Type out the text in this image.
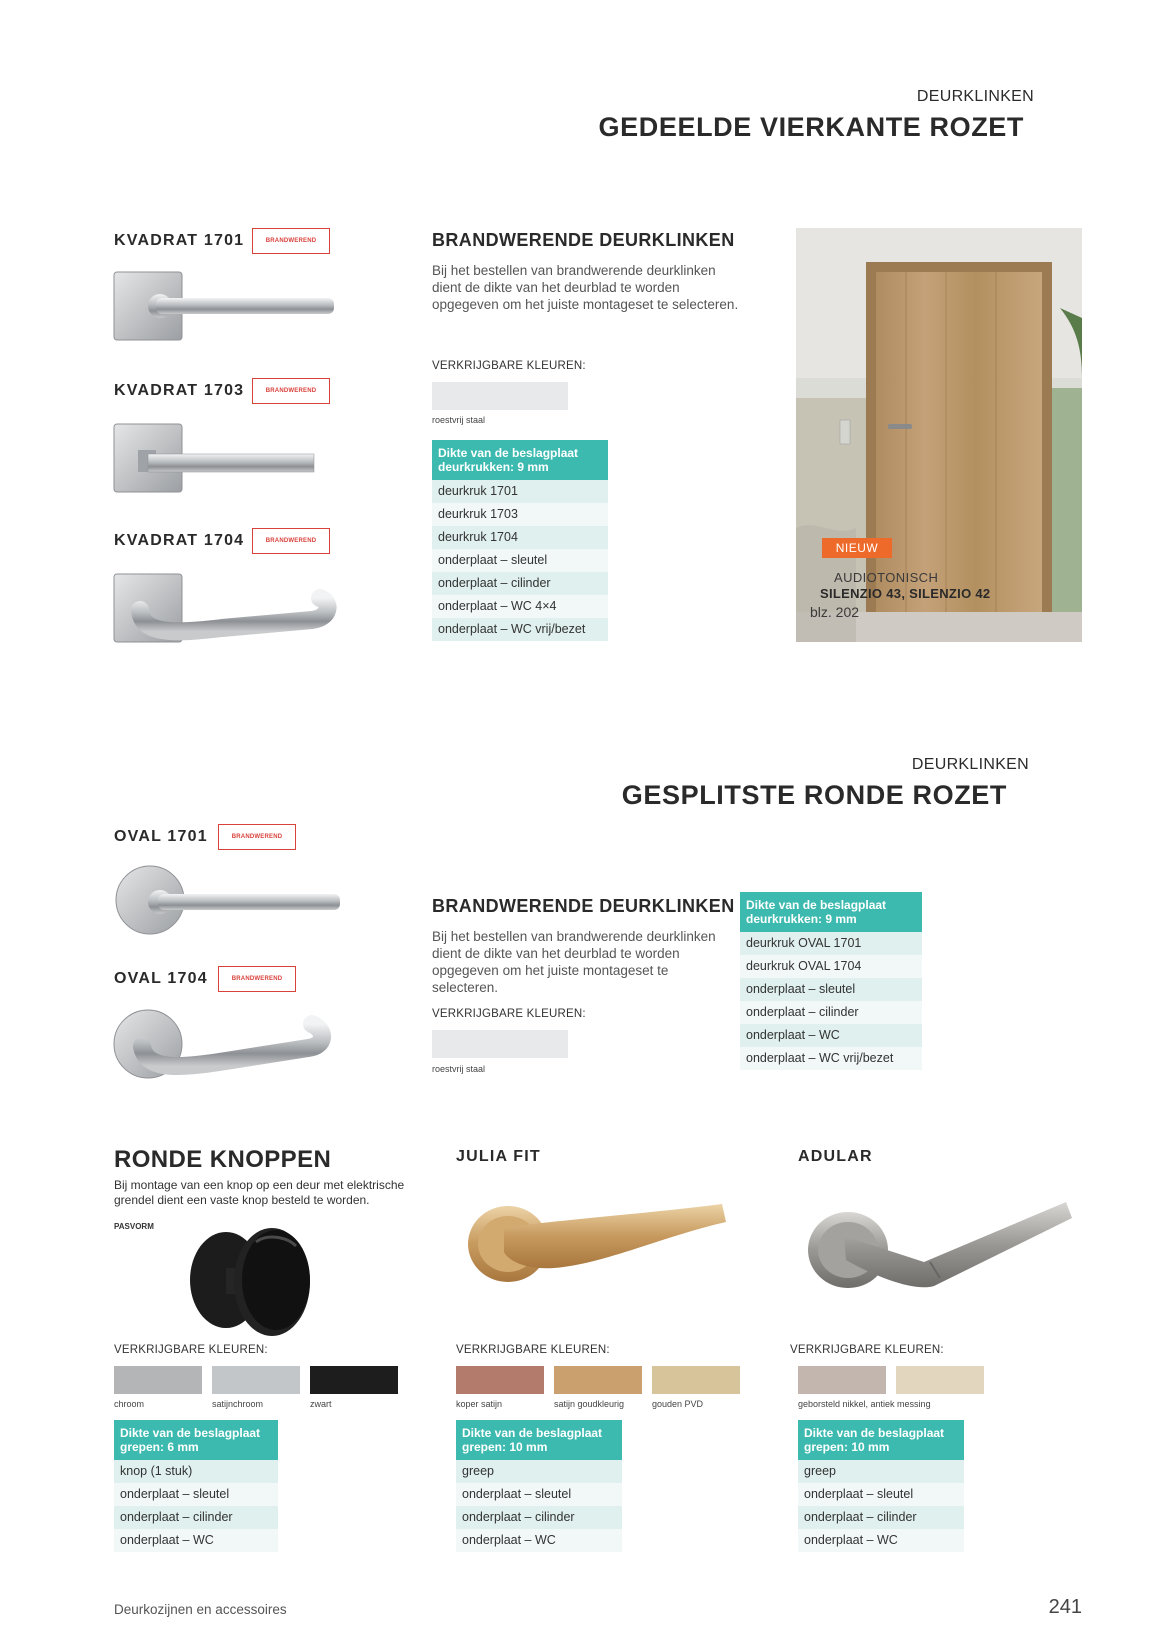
DEURKLINKEN
GEDEELDE VIERKANTE ROZET
KVADRAT 1701	BRANDWEREND
KVADRAT 1703	BRANDWEREND
KVADRAT 1704	BRANDWEREND
BRANDWERENDE DEURKLINKEN
Bij het bestellen van brandwerende deurklinken dient de dikte van het deurblad te worden opgegeven om het juiste montageset te selecteren.
VERKRIJGBARE KLEUREN:
roestvrij staal
Dikte van de beslagplaat deurkrukken: 9 mm
deurkruk 1701
deurkruk 1703
deurkruk 1704
onderplaat – sleutel
onderplaat – cilinder
onderplaat – WC 4×4
onderplaat – WC vrij/bezet
NIEUW
AUDIOTONISCH
SILENZIO 43, SILENZIO 42
blz. 202
DEURKLINKEN
GESPLITSTE RONDE ROZET
OVAL 1701	BRANDWEREND
OVAL 1704	BRANDWEREND
BRANDWERENDE DEURKLINKEN
Bij het bestellen van brandwerende deurklinken dient de dikte van het deurblad te worden opgegeven om het juiste montageset te selecteren.
VERKRIJGBARE KLEUREN:
roestvrij staal
Dikte van de beslagplaat deurkrukken: 9 mm
deurkruk OVAL 1701
deurkruk OVAL 1704
onderplaat – sleutel
onderplaat – cilinder
onderplaat – WC
onderplaat – WC vrij/bezet
RONDE KNOPPEN
Bij montage van een knop op een deur met elektrische grendel dient een vaste knop besteld te worden.
PASVORM
VERKRIJGBARE KLEUREN:
chroom	satijnchroom	zwart
Dikte van de beslagplaat grepen: 6 mm
knop (1 stuk)
onderplaat – sleutel
onderplaat – cilinder
onderplaat – WC
JULIA FIT
VERKRIJGBARE KLEUREN:
koper satijn	satijn goudkleurig	gouden PVD
Dikte van de beslagplaat grepen: 10 mm
greep
onderplaat – sleutel
onderplaat – cilinder
onderplaat – WC
ADULAR
VERKRIJGBARE KLEUREN:
geborsteld nikkel, antiek messing
Dikte van de beslagplaat grepen: 10 mm
greep
onderplaat – sleutel
onderplaat – cilinder
onderplaat – WC
Deurkozijnen en accessoires	241
